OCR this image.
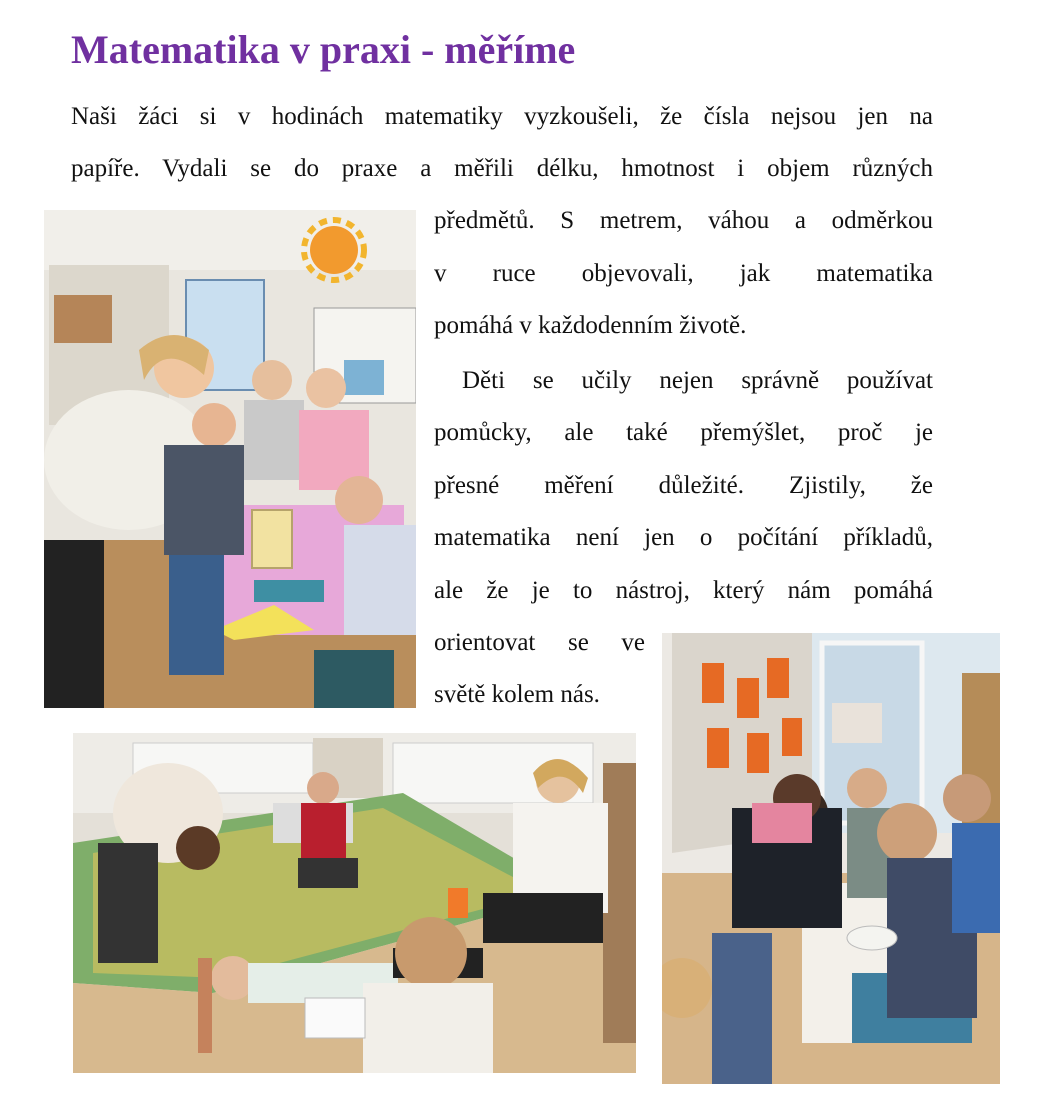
Matematika v praxi - měříme
Naši žáci si v hodinách matematiky vyzkoušeli, že čísla nejsou jen na
papíře. Vydali se do praxe a měřili délku, hmotnost i objem různých
předmětů. S metrem, váhou a odměrkou
v ruce objevovali, jak matematika
pomáhá v každodenním životě.
Děti se učily nejen správně používat
pomůcky, ale také přemýšlet, proč je
přesné měření důležité. Zjistily, že
matematika není jen o počítání příkladů,
ale že je to nástroj, který nám pomáhá
orientovat se ve
světě kolem nás.
